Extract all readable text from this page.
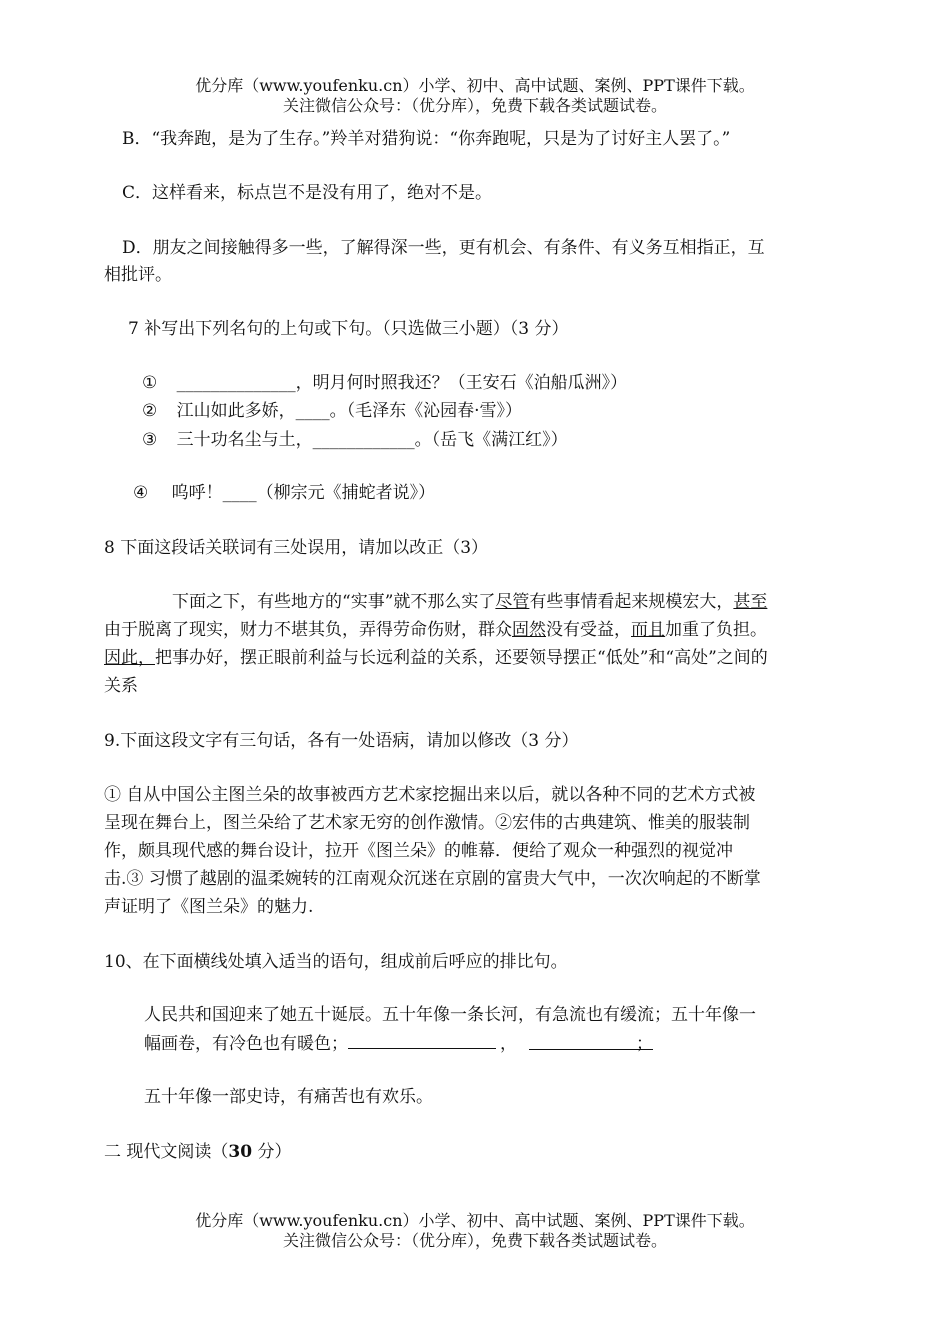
优分库（www.youfenku.cn）小学、初中、高中试题、案例、PPT课件下载。
关注微信公众号：（优分库），免费下载各类试题试卷。
B．“我奔跑，是为了生存。”羚羊对猎狗说：“你奔跑呢，只是为了讨好主人罢了。”
C．这样看来，标点岂不是没有用了，绝对不是。
D．朋友之间接触得多一些，了解得深一些，更有机会、有条件、有义务互相指正，互
相批评。
7 补写出下列名句的上句或下句。（只选做三小题）（3 分）
① ______________，明月何时照我还？（王安石《泊船瓜洲》）
② 江山如此多娇，____。（毛泽东《沁园春·雪》）
③ 三十功名尘与土，____________。（岳飞《满江红》）
④ 呜呼！____（柳宗元《捕蛇者说》）
8 下面这段话关联词有三处误用，请加以改正（3）
下面之下，有些地方的“实事”就不那么实了尽管有些事情看起来规模宏大，甚至
由于脱离了现实，财力不堪其负，弄得劳命伤财，群众固然没有受益，而且加重了负担。
因此，把事办好，摆正眼前利益与长远利益的关系，还要领导摆正“低处”和“高处”之间的
关系
9.下面这段文字有三句话，各有一处语病，请加以修改（3 分）
① 自从中国公主图兰朵的故事被西方艺术家挖掘出来以后，就以各种不同的艺术方式被
呈现在舞台上，图兰朵给了艺术家无穷的创作激情。②宏伟的古典建筑、惟美的服装制
作，颇具现代感的舞台设计，拉开《图兰朵》的帷幕．便给了观众一种强烈的视觉冲
击.③ 习惯了越剧的温柔婉转的江南观众沉迷在京剧的富贵大气中，一次次响起的不断掌
声证明了《图兰朵》的魅力.
10、在下面横线处填入适当的语句，组成前后呼应的排比句。
人民共和国迎来了她五十诞辰。五十年像一条长河，有急流也有缓流；五十年像一
幅画卷，有冷色也有暖色；	，	；
五十年像一部史诗，有痛苦也有欢乐。
二 现代文阅读（30 分）
优分库（www.youfenku.cn）小学、初中、高中试题、案例、PPT课件下载。
关注微信公众号：（优分库），免费下载各类试题试卷。
